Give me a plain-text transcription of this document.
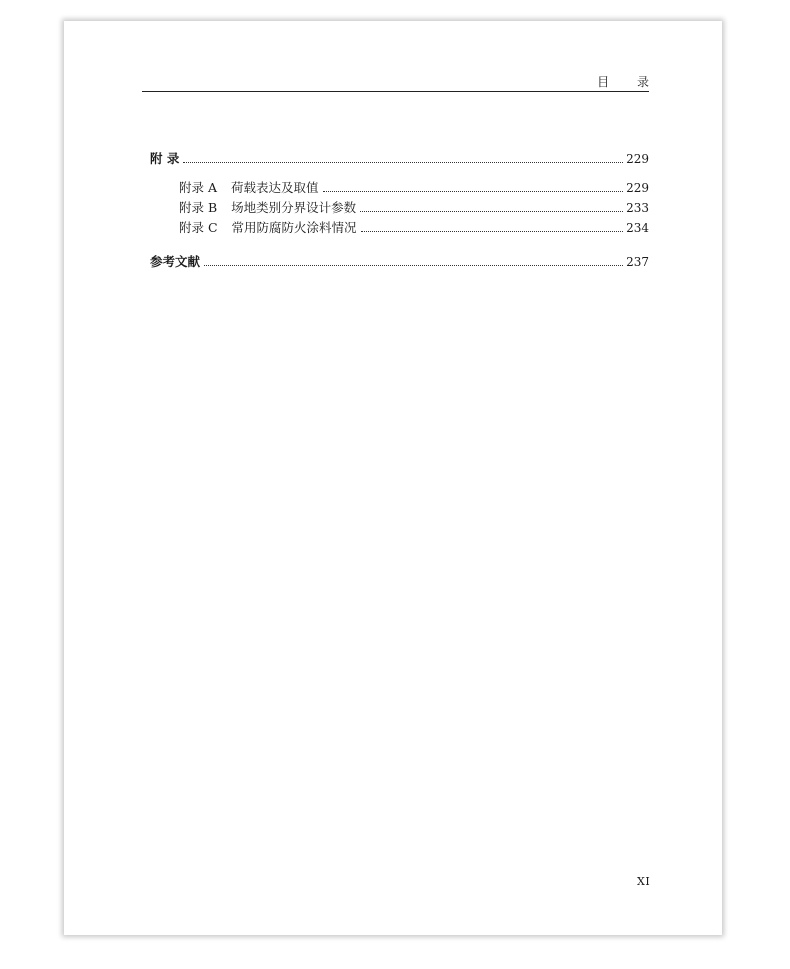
目 录
附 录	229
附录 A 荷载表达及取值	229
附录 B 场地类别分界设计参数	233
附录 C 常用防腐防火涂料情况	234
参考文献	237
XI
